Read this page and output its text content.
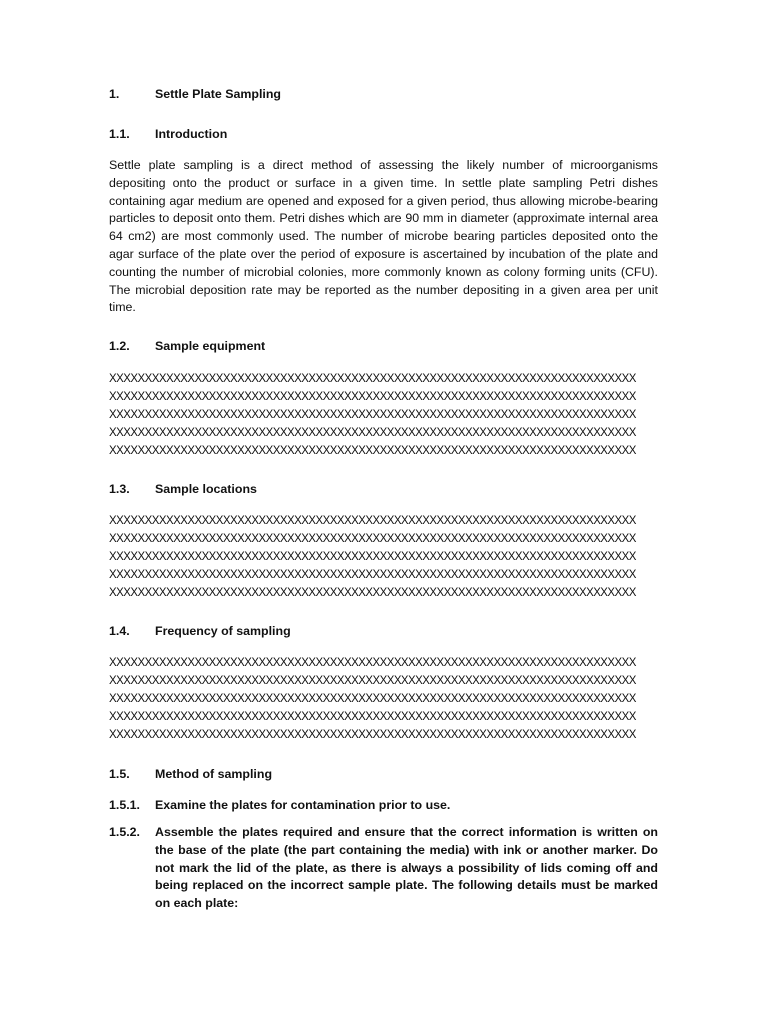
1.	Settle Plate Sampling
1.1. Introduction
Settle plate sampling is a direct method of assessing the likely number of microorganisms depositing onto the product or surface in a given time. In settle plate sampling Petri dishes containing agar medium are opened and exposed for a given period, thus allowing microbe-bearing particles to deposit onto them. Petri dishes which are 90 mm in diameter (approximate internal area 64 cm2) are most commonly used. The number of microbe bearing particles deposited onto the agar surface of the plate over the period of exposure is ascertained by incubation of the plate and counting the number of microbial colonies, more commonly known as colony forming units (CFU). The microbial deposition rate may be reported as the number depositing in a given area per unit time.
1.2. Sample equipment
XXXXXXXXXXXXXXXXXXXXXXXXXXXXXXXXXXXXXXXXXXXXXXXXXXXXXXXXXXXXXXXXXXXXXXXXXX
XXXXXXXXXXXXXXXXXXXXXXXXXXXXXXXXXXXXXXXXXXXXXXXXXXXXXXXXXXXXXXXXXXXXXXXXXX
XXXXXXXXXXXXXXXXXXXXXXXXXXXXXXXXXXXXXXXXXXXXXXXXXXXXXXXXXXXXXXXXXXXXXXXXXX
XXXXXXXXXXXXXXXXXXXXXXXXXXXXXXXXXXXXXXXXXXXXXXXXXXXXXXXXXXXXXXXXXXXXXXXXXX
XXXXXXXXXXXXXXXXXXXXXXXXXXXXXXXXXXXXXXXXXXXXXXXXXXXXXXXXXXXXXXXXXXXXXXXXXX
1.3. Sample locations
XXXXXXXXXXXXXXXXXXXXXXXXXXXXXXXXXXXXXXXXXXXXXXXXXXXXXXXXXXXXXXXXXXXXXXXXXX
XXXXXXXXXXXXXXXXXXXXXXXXXXXXXXXXXXXXXXXXXXXXXXXXXXXXXXXXXXXXXXXXXXXXXXXXXX
XXXXXXXXXXXXXXXXXXXXXXXXXXXXXXXXXXXXXXXXXXXXXXXXXXXXXXXXXXXXXXXXXXXXXXXXXX
XXXXXXXXXXXXXXXXXXXXXXXXXXXXXXXXXXXXXXXXXXXXXXXXXXXXXXXXXXXXXXXXXXXXXXXXXX
XXXXXXXXXXXXXXXXXXXXXXXXXXXXXXXXXXXXXXXXXXXXXXXXXXXXXXXXXXXXXXXXXXXXXXXXXX
1.4. Frequency of sampling
XXXXXXXXXXXXXXXXXXXXXXXXXXXXXXXXXXXXXXXXXXXXXXXXXXXXXXXXXXXXXXXXXXXXXXXXXX
XXXXXXXXXXXXXXXXXXXXXXXXXXXXXXXXXXXXXXXXXXXXXXXXXXXXXXXXXXXXXXXXXXXXXXXXXX
XXXXXXXXXXXXXXXXXXXXXXXXXXXXXXXXXXXXXXXXXXXXXXXXXXXXXXXXXXXXXXXXXXXXXXXXXX
XXXXXXXXXXXXXXXXXXXXXXXXXXXXXXXXXXXXXXXXXXXXXXXXXXXXXXXXXXXXXXXXXXXXXXXXXX
XXXXXXXXXXXXXXXXXXXXXXXXXXXXXXXXXXXXXXXXXXXXXXXXXXXXXXXXXXXXXXXXXXXXXXXXXX
1.5. Method of sampling
1.5.1. Examine the plates for contamination prior to use.
1.5.2. Assemble the plates required and ensure that the correct information is written on the base of the plate (the part containing the media) with ink or another marker. Do not mark the lid of the plate, as there is always a possibility of lids coming off and being replaced on the incorrect sample plate. The following details must be marked on each plate:
